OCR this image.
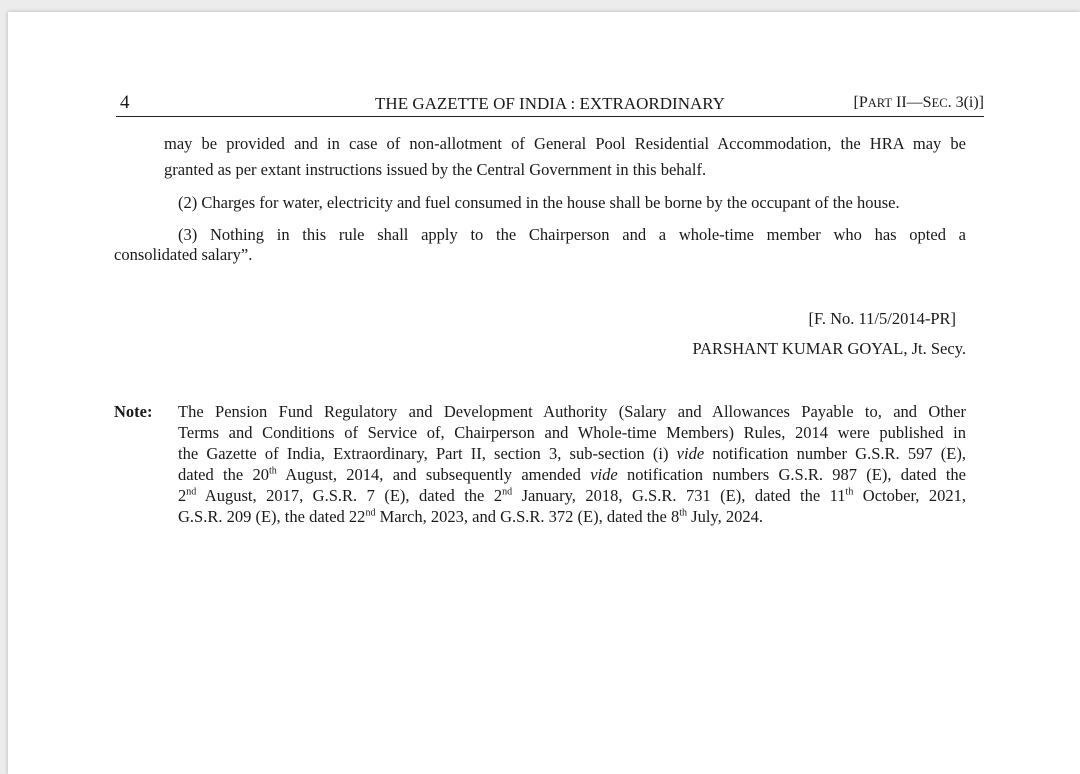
4	THE GAZETTE OF INDIA : EXTRAORDINARY	[PART II—SEC. 3(i)]
may be provided and in case of non-allotment of General Pool Residential Accommodation, the HRA may be
granted as per extant instructions issued by the Central Government in this behalf.
(2) Charges for water, electricity and fuel consumed in the house shall be borne by the occupant of the house.
(3) Nothing in this rule shall apply to the Chairperson and a whole-time member who has opted a
consolidated salary”.
[F. No. 11/5/2014-PR]
PARSHANT KUMAR GOYAL, Jt. Secy.
Note: The Pension Fund Regulatory and Development Authority (Salary and Allowances Payable to, and Other
Terms and Conditions of Service of, Chairperson and Whole-time Members) Rules, 2014 were published in
the Gazette of India, Extraordinary, Part II, section 3, sub-section (i) vide notification number G.S.R. 597 (E),
dated the 20th August, 2014, and subsequently amended vide notification numbers G.S.R. 987 (E), dated the
2nd August, 2017, G.S.R. 7 (E), dated the 2nd January, 2018, G.S.R. 731 (E), dated the 11th October, 2021,
G.S.R. 209 (E), the dated 22nd March, 2023, and G.S.R. 372 (E), dated the 8th July, 2024.
